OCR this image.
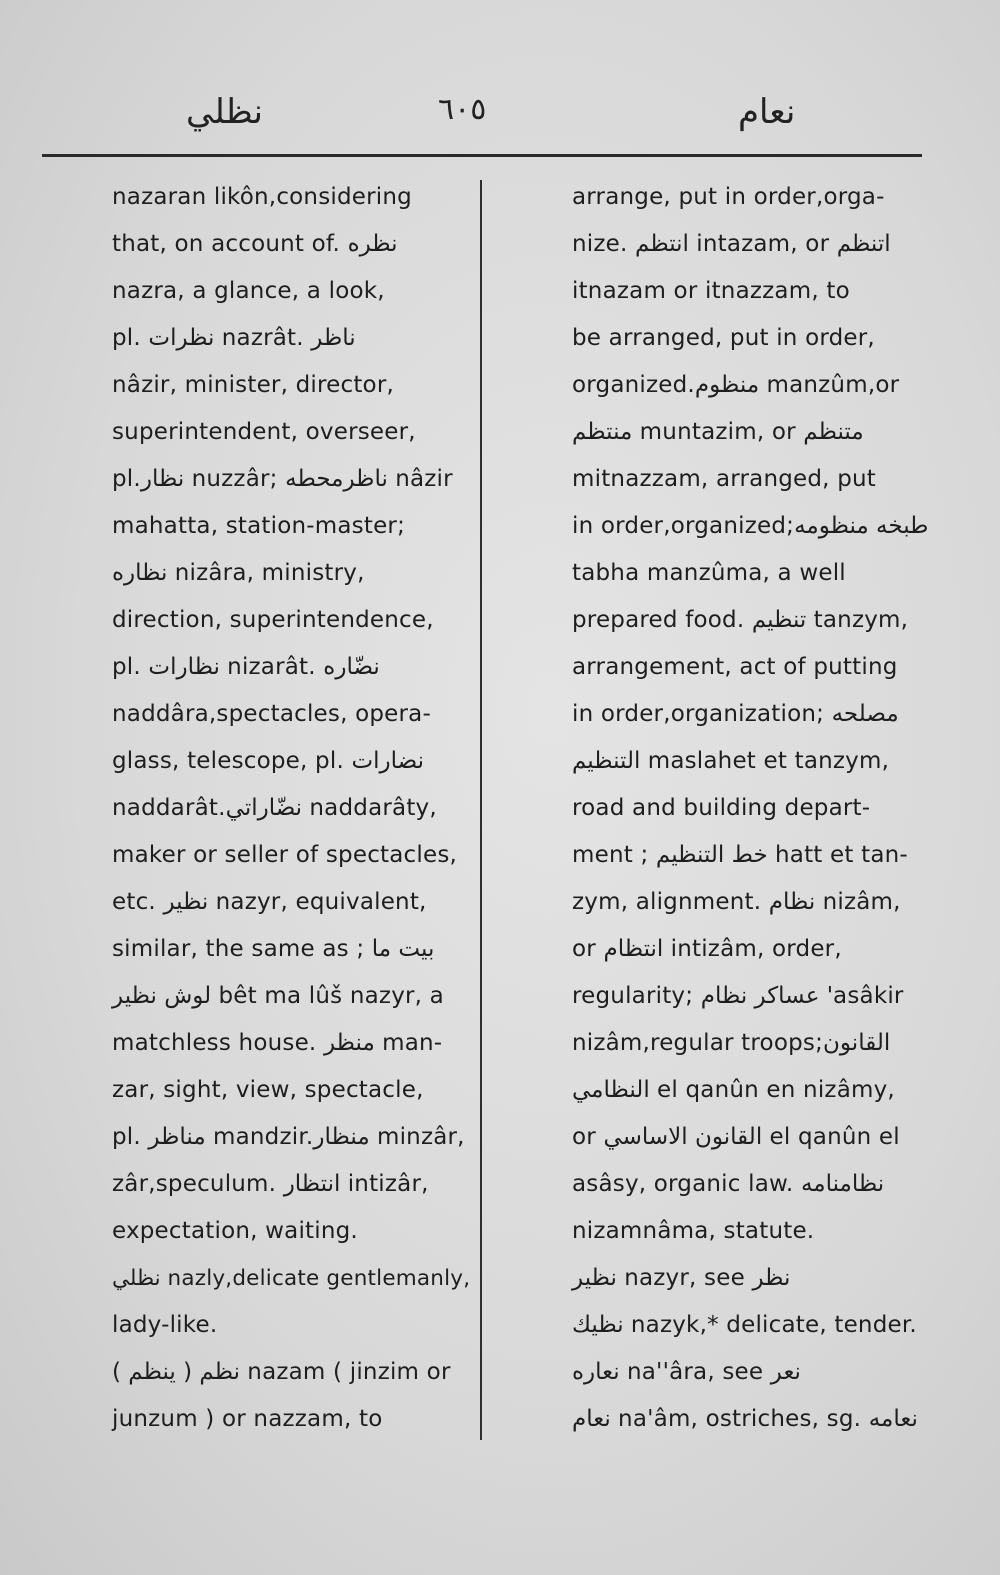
نظلي	٦٠٥	نعام
nazaran likôn,considering
that, on account of. نظره
nazra, a glance, a look,
pl. نظرات nazrât. ناظر
nâzir, minister, director,
superintendent, overseer,
pl.نظار nuzzâr; ناظرمحطه nâzir
mahatta, station-master;
نظاره nizâra, ministry,
direction, superintendence,
pl. نظارات nizarât. نضّاره
naddâra,spectacles, opera-
glass, telescope, pl. نضارات
naddarât.نضّاراتي naddarâty,
maker or seller of spectacles,
etc. نظير nazyr, equivalent,
similar, the same as ; بيت ما
لوش نظير bêt ma lûš nazyr, a
matchless house. منظر man-
zar, sight, view, spectacle,
pl. مناظر mandzir.منظار minzâr,
zâr,speculum. انتظار intizâr,
expectation, waiting.
نظلي nazly,delicate gentlemanly,
lady-like.
نظم ( ينظم ) nazam ( jinzim or
junzum ) or nazzam, to
arrange, put in order,orga-
nize. انتظم intazam, or اتنظم
itnazam or itnazzam, to
be arranged, put in order,
organized.منظوم manzûm,or
منتظم muntazim, or متنظم
mitnazzam, arranged, put
in order,organized;طبخه منظومه
tabha manzûma, a well
prepared food. تنظيم tanzym,
arrangement, act of putting
in order,organization; مصلحه
التنظيم maslahet et tanzym,
road and building depart-
ment ; خط التنظيم hatt et tan-
zym, alignment. نظام nizâm,
or انتظام intizâm, order,
regularity; عساكر نظام 'asâkir
nizâm,regular troops;القانون
النظامي el qanûn en nizâmy,
or القانون الاساسي el qanûn el
asâsy, organic law. نظامنامه
nizamnâma, statute.
نظير nazyr, see نظر
نظيك nazyk,* delicate, tender.
نعاره na''âra, see نعر
نعام na'âm, ostriches, sg. نعامه
